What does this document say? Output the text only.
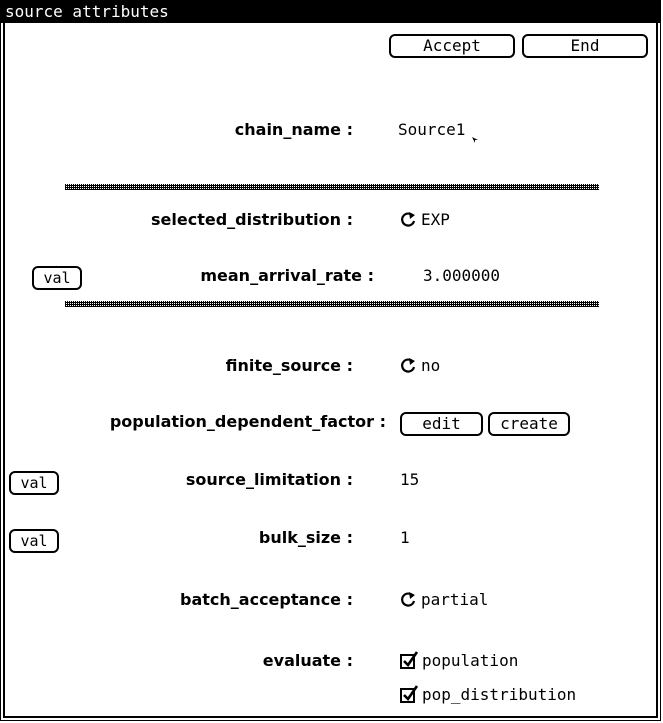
source attributes
Accept	End
chain_name :	Source1
selected_distribution :	EXP
val	mean_arrival_rate :	3.000000
finite_source :	no
population_dependent_factor :	edit	create
val	source_limitation :	15
val	bulk_size :	1
batch_acceptance :	partial
evaluate :	population
pop_distribution
